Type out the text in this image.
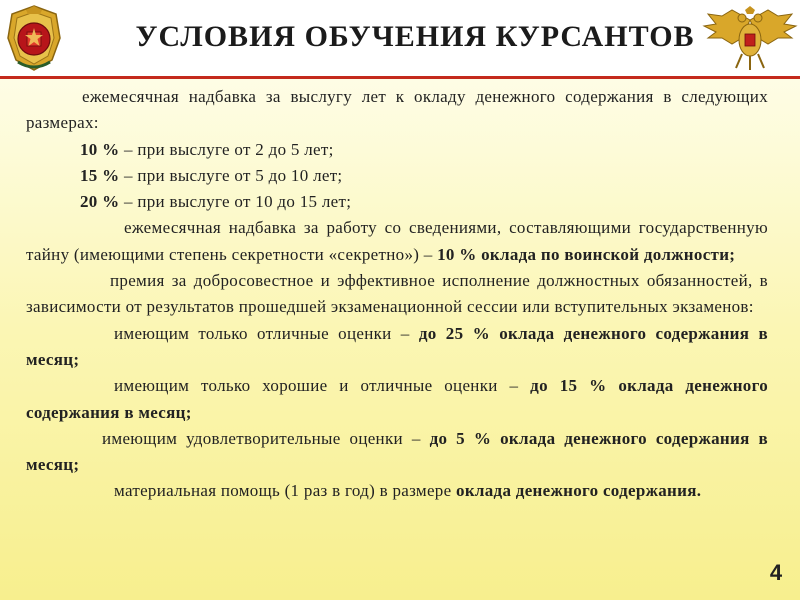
УСЛОВИЯ ОБУЧЕНИЯ КУРСАНТОВ

ежемесячная надбавка за выслугу лет к окладу денежного содержания в следующих размерах:

10 % – при выслуге от 2 до 5 лет;

15 % – при выслуге от 5 до 10 лет;

20 % – при выслуге от 10 до 15 лет;

ежемесячная надбавка за работу со сведениями, составляющими государственную тайну (имеющими степень секретности «секретно») – 10 % оклада по воинской должности;

премия за добросовестное и эффективное исполнение должностных обязанностей, в зависимости от результатов прошедшей экзаменационной сессии или вступительных экзаменов:

имеющим только отличные оценки – до 25 % оклада денежного содержания в месяц;

имеющим только хорошие и отличные оценки – до 15 % оклада денежного содержания в месяц;

имеющим удовлетворительные оценки – до 5 % оклада денежного содержания в месяц;

материальная помощь (1 раз в год) в размере оклада денежного содержания.

4
